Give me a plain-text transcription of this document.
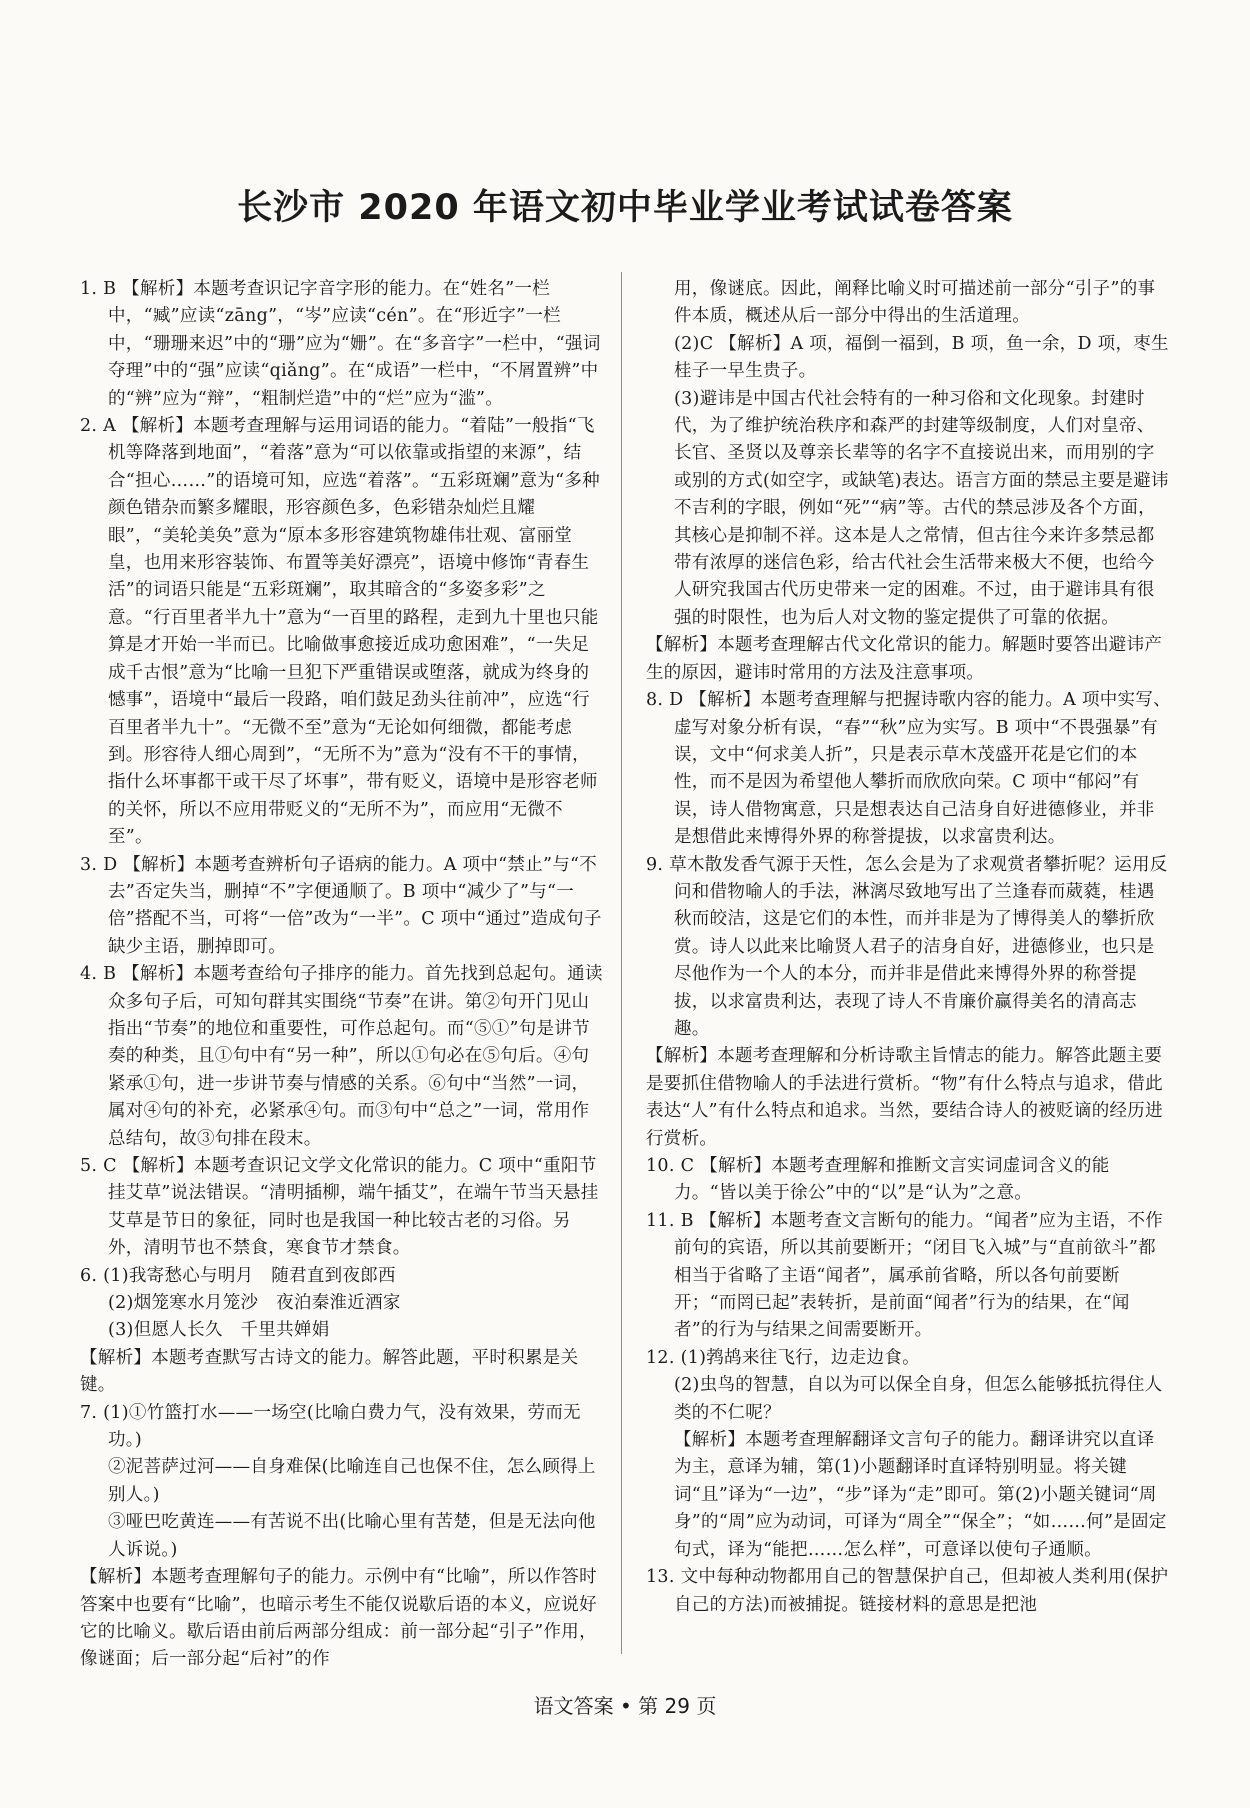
长沙市 2020 年语文初中毕业学业考试试卷答案

1. B 【解析】本题考查识记字音字形的能力。在“姓名”一栏中，“臧”应读“zāng”，“岑”应读“cén”。在“形近字”一栏中，“珊珊来迟”中的“珊”应为“姗”。在“多音字”一栏中，“强词夺理”中的“强”应读“qiǎng”。在“成语”一栏中，“不屑置辨”中的“辨”应为“辩”，“粗制烂造”中的“烂”应为“滥”。

2. A 【解析】本题考查理解与运用词语的能力。“着陆”一般指“飞机等降落到地面”，“着落”意为“可以依靠或指望的来源”，结合“担心……”的语境可知，应选“着落”。“五彩斑斓”意为“多种颜色错杂而繁多耀眼，形容颜色多，色彩错杂灿烂且耀眼”，“美轮美奂”意为“原本多形容建筑物雄伟壮观、富丽堂皇，也用来形容装饰、布置等美好漂亮”，语境中修饰“青春生活”的词语只能是“五彩斑斓”，取其暗含的“多姿多彩”之意。“行百里者半九十”意为“一百里的路程，走到九十里也只能算是才开始一半而已。比喻做事愈接近成功愈困难”，“一失足成千古恨”意为“比喻一旦犯下严重错误或堕落，就成为终身的憾事”，语境中“最后一段路，咱们鼓足劲头往前冲”，应选“行百里者半九十”。“无微不至”意为“无论如何细微，都能考虑到。形容待人细心周到”，“无所不为”意为“没有不干的事情，指什么坏事都干或干尽了坏事”，带有贬义，语境中是形容老师的关怀，所以不应用带贬义的“无所不为”，而应用“无微不至”。

3. D 【解析】本题考查辨析句子语病的能力。A 项中“禁止”与“不去”否定失当，删掉“不”字便通顺了。B 项中“减少了”与“一倍”搭配不当，可将“一倍”改为“一半”。C 项中“通过”造成句子缺少主语，删掉即可。

4. B 【解析】本题考查给句子排序的能力。首先找到总起句。通读众多句子后，可知句群其实围绕“节奏”在讲。第②句开门见山指出“节奏”的地位和重要性，可作总起句。而“⑤①”句是讲节奏的种类，且①句中有“另一种”，所以①句必在⑤句后。④句紧承①句，进一步讲节奏与情感的关系。⑥句中“当然”一词，属对④句的补充，必紧承④句。而③句中“总之”一词，常用作总结句，故③句排在段末。

5. C 【解析】本题考查识记文学文化常识的能力。C 项中“重阳节挂艾草”说法错误。“清明插柳，端午插艾”，在端午节当天悬挂艾草是节日的象征，同时也是我国一种比较古老的习俗。另外，清明节也不禁食，寒食节才禁食。

6. (1)我寄愁心与明月　随君直到夜郎西

(2)烟笼寒水月笼沙　夜泊秦淮近酒家

(3)但愿人长久　千里共婵娟

【解析】本题考查默写古诗文的能力。解答此题，平时积累是关键。

7. (1)①竹篮打水——一场空(比喻白费力气，没有效果，劳而无功。)

②泥菩萨过河——自身难保(比喻连自己也保不住，怎么顾得上别人。)

③哑巴吃黄连——有苦说不出(比喻心里有苦楚，但是无法向他人诉说。)

【解析】本题考查理解句子的能力。示例中有“比喻”，所以作答时答案中也要有“比喻”，也暗示考生不能仅说歇后语的本义，应说好它的比喻义。歇后语由前后两部分组成：前一部分起“引子”作用，像谜面；后一部分起“后衬”的作

用，像谜底。因此，阐释比喻义时可描述前一部分“引子”的事件本质，概述从后一部分中得出的生活道理。

(2)C 【解析】A 项，福倒一福到，B 项，鱼一余，D 项，枣生桂子一早生贵子。

(3)避讳是中国古代社会特有的一种习俗和文化现象。封建时代，为了维护统治秩序和森严的封建等级制度，人们对皇帝、长官、圣贤以及尊亲长辈等的名字不直接说出来，而用别的字或别的方式(如空字，或缺笔)表达。语言方面的禁忌主要是避讳不吉利的字眼，例如“死”“病”等。古代的禁忌涉及各个方面，其核心是抑制不祥。这本是人之常情，但古往今来许多禁忌都带有浓厚的迷信色彩，给古代社会生活带来极大不便，也给今人研究我国古代历史带来一定的困难。不过，由于避讳具有很强的时限性，也为后人对文物的鉴定提供了可靠的依据。

【解析】本题考查理解古代文化常识的能力。解题时要答出避讳产生的原因，避讳时常用的方法及注意事项。

8. D 【解析】本题考查理解与把握诗歌内容的能力。A 项中实写、虚写对象分析有误，“春”“秋”应为实写。B 项中“不畏强暴”有误，文中“何求美人折”，只是表示草木茂盛开花是它们的本性，而不是因为希望他人攀折而欣欣向荣。C 项中“郁闷”有误，诗人借物寓意，只是想表达自己洁身自好进德修业，并非是想借此来博得外界的称誉提拔，以求富贵利达。

9. 草木散发香气源于天性，怎么会是为了求观赏者攀折呢？运用反问和借物喻人的手法，淋漓尽致地写出了兰逢春而葳蕤，桂遇秋而皎洁，这是它们的本性，而并非是为了博得美人的攀折欣赏。诗人以此来比喻贤人君子的洁身自好，进德修业，也只是尽他作为一个人的本分，而并非是借此来博得外界的称誉提拔，以求富贵利达，表现了诗人不肯廉价赢得美名的清高志趣。

【解析】本题考查理解和分析诗歌主旨情志的能力。解答此题主要是要抓住借物喻人的手法进行赏析。“物”有什么特点与追求，借此表达“人”有什么特点和追求。当然，要结合诗人的被贬谪的经历进行赏析。

10. C 【解析】本题考查理解和推断文言实词虚词含义的能力。“皆以美于徐公”中的“以”是“认为”之意。

11. B 【解析】本题考查文言断句的能力。“闻者”应为主语，不作前句的宾语，所以其前要断开；“闭目飞入城”与“直前欲斗”都相当于省略了主语“闻者”，属承前省略，所以各句前要断开；“而罔已起”表转折，是前面“闻者”行为的结果，在“闻者”的行为与结果之间需要断开。

12. (1)鹁鸪来往飞行，边走边食。

(2)虫鸟的智慧，自以为可以保全自身，但怎么能够抵抗得住人类的不仁呢？

【解析】本题考查理解翻译文言句子的能力。翻译讲究以直译为主，意译为辅，第(1)小题翻译时直译特别明显。将关键词“且”译为“一边”，“步”译为“走”即可。第(2)小题关键词“周身”的“周”应为动词，可译为“周全”“保全”；“如……何”是固定句式，译为“能把……怎么样”，可意译以使句子通顺。

13. 文中每种动物都用自己的智慧保护自己，但却被人类利用(保护自己的方法)而被捕捉。链接材料的意思是把池

语文答案 • 第 29 页
